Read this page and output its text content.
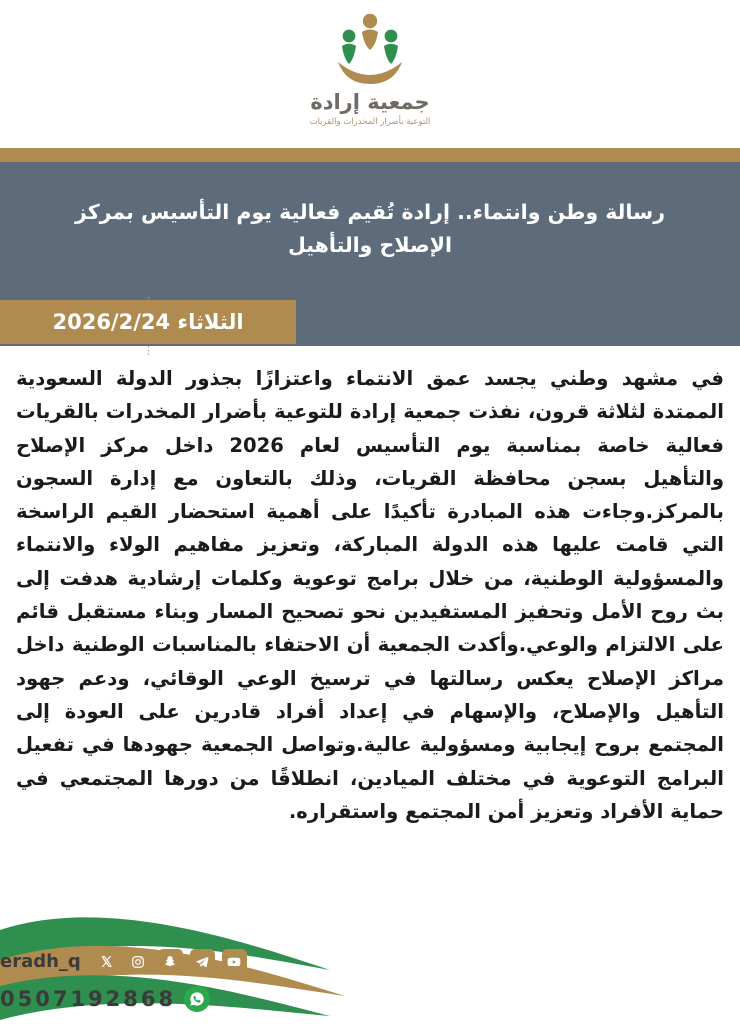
جمعية إرادة
التوعية بأضرار المخدرات والقريات
رسالة وطن وانتماء.. إرادة تُقيم فعالية يوم التأسيس بمركز الإصلاح والتأهيل
⋮
الثلاثاء 2026/2/24
في مشهد وطني يجسد عمق الانتماء واعتزازًا بجذور الدولة السعودية الممتدة لثلاثة قرون، نفذت جمعية إرادة للتوعية بأضرار المخدرات بالقريات فعالية خاصة بمناسبة يوم التأسيس لعام 2026 داخل مركز الإصلاح والتأهيل بسجن محافظة القريات، وذلك بالتعاون مع إدارة السجون بالمركز.وجاءت هذه المبادرة تأكيدًا على أهمية استحضار القيم الراسخة التي قامت عليها هذه الدولة المباركة، وتعزيز مفاهيم الولاء والانتماء والمسؤولية الوطنية، من خلال برامج توعوية وكلمات إرشادية هدفت إلى بث روح الأمل وتحفيز المستفيدين نحو تصحيح المسار وبناء مستقبل قائم على الالتزام والوعي.وأكدت الجمعية أن الاحتفاء بالمناسبات الوطنية داخل مراكز الإصلاح يعكس رسالتها في ترسيخ الوعي الوقائي، ودعم جهود التأهيل والإصلاح، والإسهام في إعداد أفراد قادرين على العودة إلى المجتمع بروح إيجابية ومسؤولية عالية.وتواصل الجمعية جهودها في تفعيل البرامج التوعوية في مختلف الميادين، انطلاقًا من دورها المجتمعي في حماية الأفراد وتعزيز أمن المجتمع واستقراره.
eradh_q
0507192868
